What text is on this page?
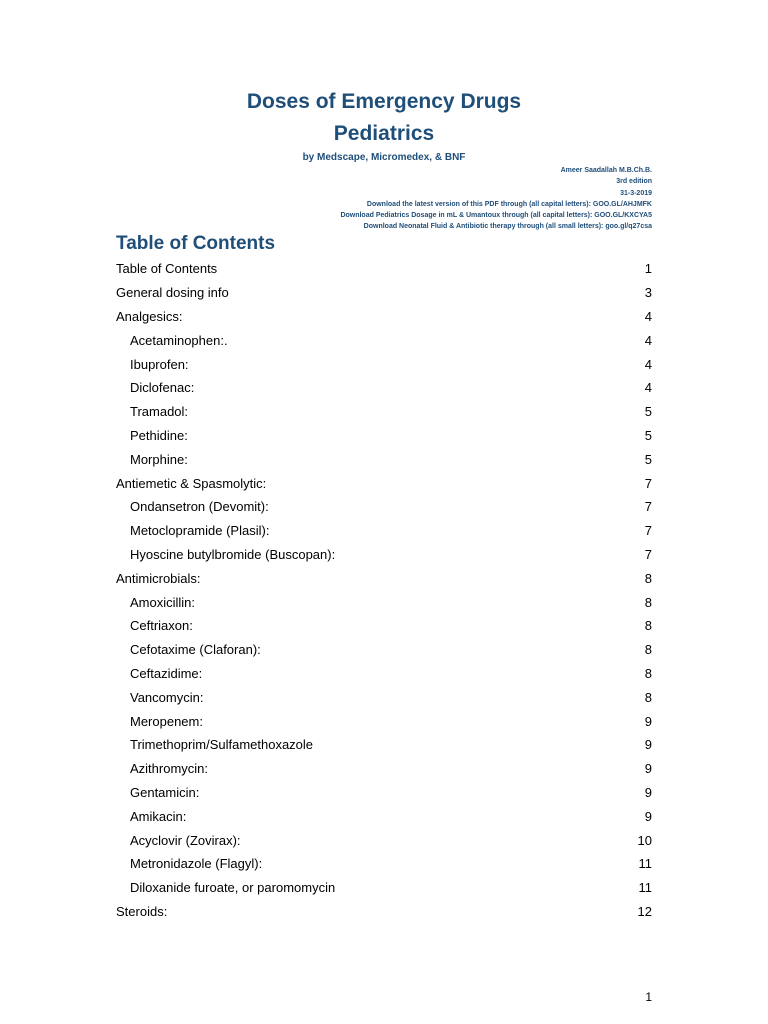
Doses of Emergency Drugs
Pediatrics
by Medscape, Micromedex, & BNF
Ameer Saadallah M.B.Ch.B.
3rd edition
31-3-2019
Download the latest version of this PDF through (all capital letters): GOO.GL/AHJMFK
Download Pediatrics Dosage in mL & Umantoux through (all capital letters): GOO.GL/KXCYA5
Download Neonatal Fluid & Antibiotic therapy through (all small letters): goo.gl/q27csa
Table of Contents
Table of Contents	1
General dosing info	3
Analgesics:	4
Acetaminophen:.	4
Ibuprofen:	4
Diclofenac:	4
Tramadol:	5
Pethidine:	5
Morphine:	5
Antiemetic & Spasmolytic:	7
Ondansetron (Devomit):	7
Metoclopramide (Plasil):	7
Hyoscine butylbromide (Buscopan):	7
Antimicrobials:	8
Amoxicillin:	8
Ceftriaxon:	8
Cefotaxime (Claforan):	8
Ceftazidime:	8
Vancomycin:	8
Meropenem:	9
Trimethoprim/Sulfamethoxazole	9
Azithromycin:	9
Gentamicin:	9
Amikacin:	9
Acyclovir (Zovirax):	10
Metronidazole (Flagyl):	11
Diloxanide furoate, or paromomycin	11
Steroids:	12
1
